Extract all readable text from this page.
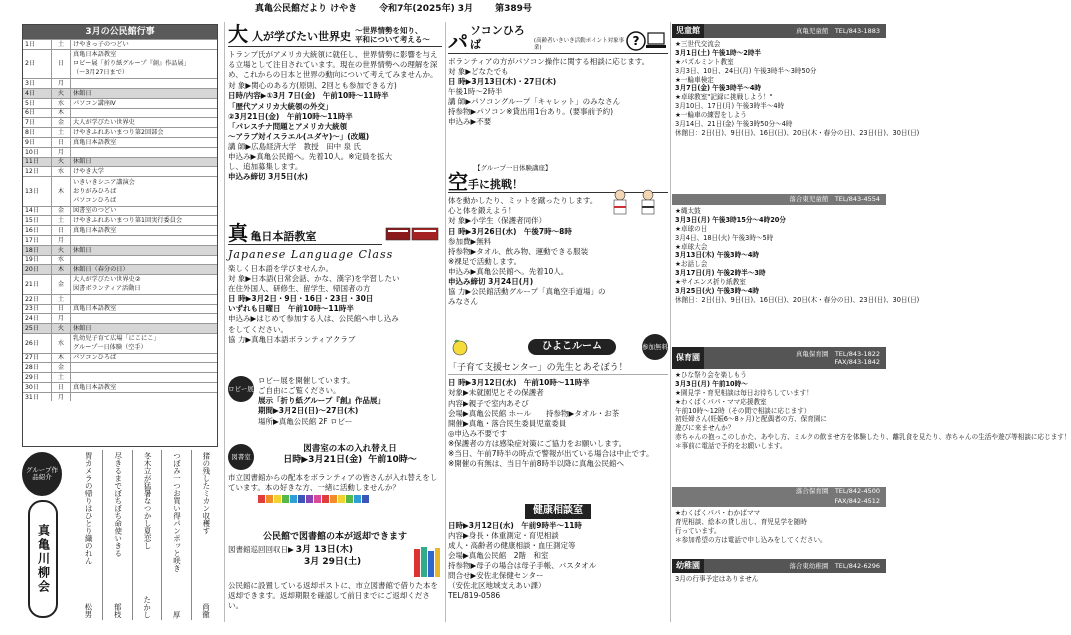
真亀公民館だより けやき 令和7年(2025年) 3月 第389号
3月の公民館行事
1日	土	けやきっ子のつどい
2日	日
真亀日本語教室
ロビー展「折り紙グループ『創』作品展」
（～3月27日まで）
3日	月
4日	火	休館日
5日	水	パソコン講座Ⅳ
6日	木
7日	金	大人が学びたい世界史
8日	土	けやきふれあいまつり第2回部会
9日	日	真亀日本語教室
10日	月
11日	火	休館日
12日	水	けやき大学
13日	木
いきいきシニア講演会
おりがみひろば
パソコンひろば
14日	金	図書室のつどい
15日	土	けやきふれあいまつり第1回実行委員会
16日	日	真亀日本語教室
17日	月
18日	火	休館日
19日	水
20日	木	休館日（春分の日）
21日	金
大人が学びたい世界史②
図書ボランティア活動日
22日	土
23日	日	真亀日本語教室
24日	月
25日	火	休館日
26日	水
乳幼児子育て広場「にこにこ」
グループ一日体験（空手）
27日	木	パソコンひろば
28日	金
29日	土
30日	日	真亀日本語教室
31日	月
グループ作品紹介
真亀川柳会
猪の残したミカン収穫す
尚徹
つぼみ一つお買い得パンポッと咲き
厚
冬木立が猛暑なつかし夏恋し
たかし
尽きるまでぼちぼち命使いきる
郁枝
胃カメラの帰りはひとり織のれん
松男
大 人が学びたい世界史 ～世界情勢を知り、
平和について考える～

トランプ氏がアメリカ大統領に就任し、世界情勢に影響を与える立場として注目されています。現在の世界情勢への理解を深め、これからの日本と世界の動向について考えてみませんか。

対 象▶関心のある方(原則、2回とも参加できる方)
日時/内容▶①3月 7日(金)　午前10時～11時半
「歴代アメリカ大統領の外交」
②3月21日(金)　午前10時～11時半
「パレスチナ問題とアメリカ大統領
～アラブ対イスラエル(ユダヤ)～」(改題)
講 師▶広島経済大学　教授　田中 泉 氏
申込み▶真亀公民館へ。先着10人。※定員を拡大
し、追加募集します。
申込み締切 3月5日(水)
真 亀日本語教室
Japanese Language Class
楽しく日本語を学びませんか。
対 象▶日本語(日常会話、かな、漢字)を学習したい
在住外国人、研修生、留学生、帰国者の方
日 時▶3月2日・9日・16日・23日・30日
いずれも日曜日　午前10時～11時半
申込み▶はじめて参加する人は、公民館へ申し込み
をしてください。
協 力▶真亀日本語ボランティアクラブ
ロビー展
ロビー展を開催しています。
ご自由にご覧ください。
展示「折り紙グループ『創』作品展」
期間▶3月2日(日)～27日(木)
場所▶真亀公民館 2F ロビー
図書室
図書室の本の入れ替え日
日時▶3月21日(金) 午前10時～

市立図書館からの配本をボランティアの皆さんが入れ替えをしています。本の好きな方、一緒に活動しませんか？

公民館で図書館の本が返却できます
図書館巡回回収日▶ 3月 13日(木)
3月 29日(土)

公民館に設置している返却ポストに、市立図書館で借りた本を返却できます。返却期限を確認して前日までにご返却ください。

パ ソコンひろば	(高齢者いきいき活動ポイント対象事業)
?
ボランティアの方がパソコン操作に関する相談に応じます。
対 象▶どなたでも
日 時▶3月13日(木)・27日(木)
午後1時～2時半
講 師▶パソコングループ「キャレット」のみなさん
持参物▶パソコン※貸出用1台あり。(要事前予約)
申込み▶不要
【グループ一日体験講座】
空 手に挑戦！
体を動かしたり、ミットを蹴ったりします。
心と体を鍛えよう！
対 象▶小学生（保護者同伴）
日 時▶3月26日(水)　午後7時～8時
参加費▶無料
持参物▶タオル、飲み物、運動できる服装
※裸足で活動します。
申込み▶真亀公民館へ。先着10人。
申込み締切 3月24日(月)
協 力▶公民館活動グループ「真亀空手道場」の
みなさん
ひよこルーム	参加無料
「子育て支援センター」の先生とあそぼう！
日 時▶3月12日(水)　午前10時～11時半
対象▶未就園児とその保護者
内容▶親子で室内あそび
会場▶真亀公民館 ホール　　持参物▶タオル・お茶
開催▶真亀・落合民生委員児童委員
◎申込み不要です
※保護者の方は感染症対策にご協力をお願いします。
※当日、午前7時半の時点で警報が出ている場合は中止です。
※開催の有無は、当日午前8時半以降に真亀公民館へ
健康相談室
日時▶3月12日(水)　午前9時半～11時
内容▶身長・体重測定・育児相談
成人・高齢者の健康相談・血圧測定等
会場▶真亀公民館　2階　和室
持参物▶母子の場合は母子手帳、バスタオル
問合せ▶安佐北保健センター
（安佐北区地域支えあい課）
TEL/819-0586
児童館	真亀児童館　TEL/843-1883
★三世代交流会
3月1日(土) 午後1時～2時半
★パズルミント教室
3月3日、10日、24日(月) 午後3時半～3時50分
★一輪車検定
3月7日(金) 午後3時半～4時
★卓球教室"記録に挑戦しよう！"
3月10日、17日(月) 午後3時半～4時
★一輪車の練習をしよう
3月14日、21日(金) 午後3時50分～4時
休館日：2日(日)、9日(日)、16日(日)、20日(木・春分の日)、23日(日)、30日(日)
落合東児童館　TEL/843-4554
★縄太鼓
3月3日(月) 午後3時15分～4時20分
★卓球の日
3月4日、18日(火) 午後3時～5時
★卓球大会
3月13日(木) 午後3時～4時
★お話し会
3月17日(月) 午後2時半～3時
★サイエンス折り紙教室
3月25日(火) 午後3時～4時
休館日：2日(日)、9日(日)、16日(日)、20日(木・春分の日)、23日(日)、30日(日)
保育園	真亀保育園　TEL/843-1822
FAX/843-1842
★ひな祭り会を楽しもう
3月3日(月) 午前10時～
★園見学・育児相談は毎日お待ちしています！
★わくぱくパパ・ママ応援教室
午前10時～12時（その間で相談に応じます）
初妊婦さん(妊娠6～8ヶ月)と配偶者の方、保育園に
遊びに来ませんか？
赤ちゃんの抱っこのしかた、あやし方、ミルクの飲ませ方を体験したり、離乳食を見たり、赤ちゃんの生活や遊び等相談に応じます！
＊事前に電話で予約をお願いします。
落合保育園　TEL/842-4500
FAX/842-4512
★わくぱくパパ・わかばママ
育児相談、絵本の貸し出し、育児見学を随時
行っています。
＊参加希望の方は電話で申し込みをしてください。
幼稚園	落合東幼稚園　TEL/842-6296
3月の行事予定はありません
